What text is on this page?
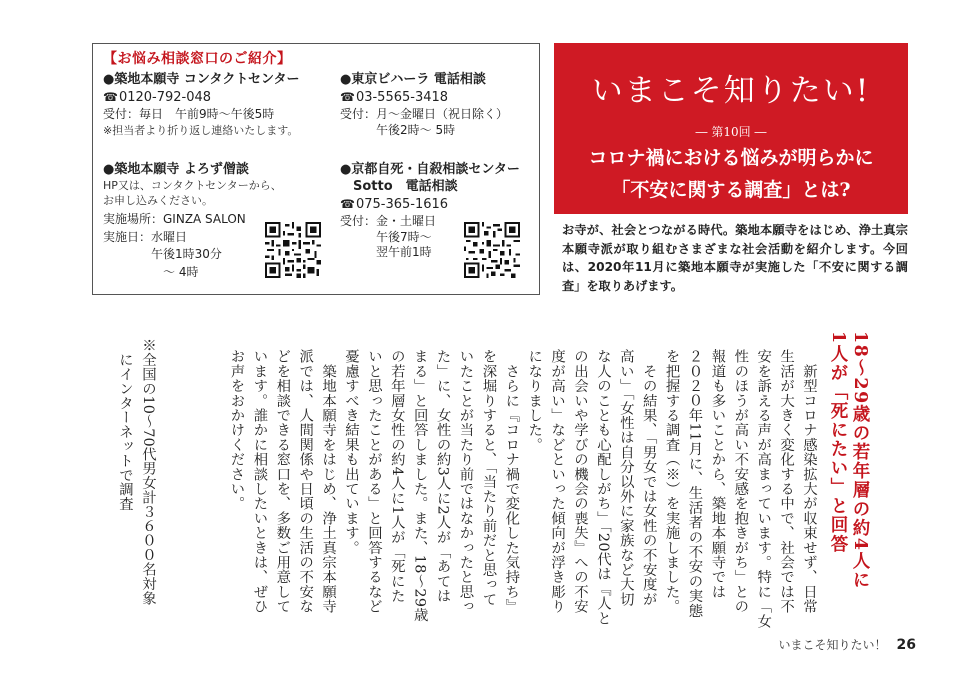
【お悩み相談窓口のご紹介】
●築地本願寺 コンタクトセンター
☎0120-792-048
受付：毎日　午前9時〜午後5時
※担当者より折り返し連絡いたします。
●東京ビハーラ 電話相談
☎03-5565-3418
受付：月〜金曜日（祝日除く）
　　　午後2時〜 5時
●築地本願寺 よろず僧談
HP又は、コンタクトセンターから、
お申し込みください。
実施場所：GINZA SALON
実施日：水曜日
　　　　午後1時30分
　　　　　〜 4時
●京都自死・自殺相談センター
　Sotto　電話相談
☎075-365-1616
受付：金・土曜日
　　　午後7時〜
　　　翌午前1時
いまこそ知りたい!
― 第10回 ―
コロナ禍における悩みが明らかに
「不安に関する調査」とは?
お寺が、社会とつながる時代。築地本願寺をはじめ、浄土真宗本願寺派が取り組むさまざまな社会活動を紹介します。今回は、2020年11月に築地本願寺が実施した「不安に関する調査」を取りあげます。
18〜29歳の若年層の約4人に
1人が「死にたい」と回答
　新型コロナ感染拡大が収束せず、日常
生活が大きく変化する中で、社会では不
安を訴える声が高まっています。特に「女
性のほうが高い不安感を抱きがち」との
報道も多いことから、築地本願寺では
２０２０年11月に、生活者の不安の実態
を把握する調査（※）を実施しました。
　その結果、「男女では女性の不安度が
高い」「女性は自分以外に家族など大切
な人のことも心配しがち」「20代は『人と
の出会いや学びの機会の喪失』への不安
度が高い」などといった傾向が浮き彫り
になりました。
　さらに『コロナ禍で変化した気持ち』
を深堀りすると、「当たり前だと思って
いたことが当たり前ではなかったと思っ
た」に、女性の約3人に2人が「あては
まる」と回答しました。また、18〜29歳
の若年層女性の約4人に1人が「死にた
いと思ったことがある」と回答するなど
憂慮すべき結果も出ています。
　築地本願寺をはじめ、浄土真宗本願寺
派では、人間関係や日頃の生活の不安な
どを相談できる窓口を、多数ご用意して
います。誰かに相談したいときは、ぜひ
お声をおかけください。
※全国の10〜70代男女計３６００名対象
　にインターネットで調査
いまこそ知りたい！ 26
